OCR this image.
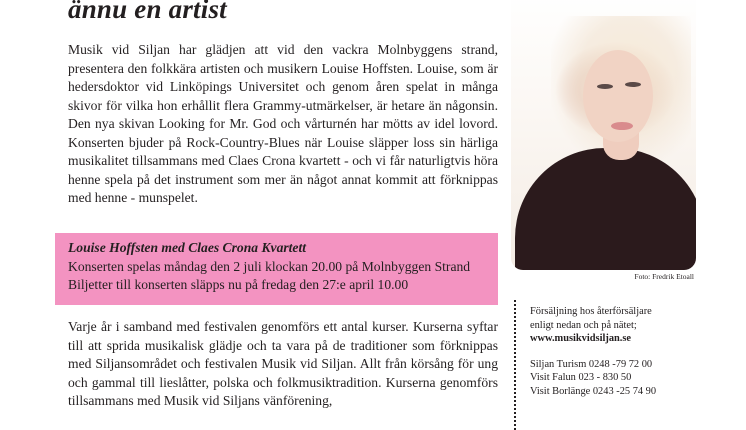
ännu en artist

Musik vid Siljan har glädjen att vid den vackra Molnbyggens strand, presentera den folkkära artisten och musikern Louise Hoffsten. Louise, som är hedersdoktor vid Linköpings Universitet och genom åren spelat in många skivor för vilka hon erhållit flera Grammy-utmärkelser, är hetare än någonsin. Den nya skivan Looking for Mr. God och vårturnén har mötts av idel lovord. Konserten bjuder på Rock-Country-Blues när Louise släpper loss sin härliga musikalitet tillsammans med Claes Crona kvartett - och vi får naturligtvis höra henne spela på det instrument som mer än något annat kommit att förknippas med henne - munspelet.

Louise Hoffsten med Claes Crona Kvartett
Konserten spelas måndag den 2 juli klockan 20.00 på Molnbyggen Strand
Biljetter till konserten släpps nu på fredag den 27:e april 10.00

Varje år i samband med festivalen genomförs ett antal kurser. Kurserna syftar till att sprida musikalisk glädje och ta vara på de traditioner som förknippas med Siljansområdet och festivalen Musik vid Siljan. Allt från körsång för ung och gammal till lieslåtter, polska och folkmusiktradition. Kurserna genomförs tillsammans med Musik vid Siljans vänförening,

Foto: Fredrik Etoall
Försäljning hos återförsäljare
enligt nedan och på nätet;
www.musikvidsiljan.se
Siljan Turism 0248 -79 72 00
Visit Falun 023 - 830 50
Visit Borlänge 0243 -25 74 90
